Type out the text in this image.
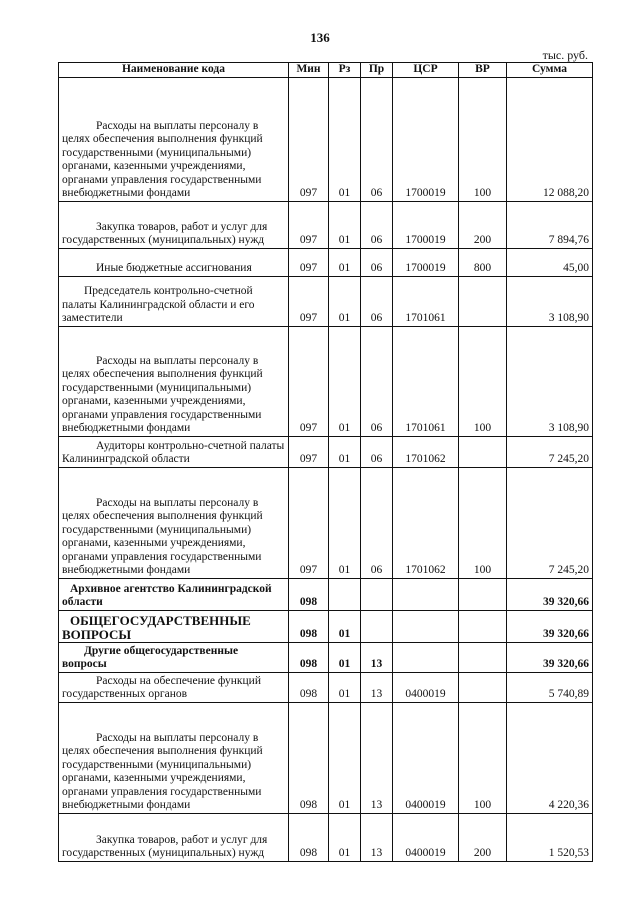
136
тыс. руб.
Наименование кода	Мин	Рз	Пр	ЦСР	ВР	Сумма
Расходы на выплаты персоналу в целях обеспечения выполнения функций государственными (муниципальными) органами, казенными учреждениями, органами управления государственными внебюджетными фондами	097	01	06	1700019	100	12 088,20
Закупка товаров, работ и услуг для государственных (муниципальных) нужд	097	01	06	1700019	200	7 894,76
Иные бюджетные ассигнования	097	01	06	1700019	800	45,00
Председатель контрольно-счетной палаты Калининградской области и его заместители	097	01	06	1701061		3 108,90
Расходы на выплаты персоналу в целях обеспечения выполнения функций государственными (муниципальными) органами, казенными учреждениями, органами управления государственными внебюджетными фондами	097	01	06	1701061	100	3 108,90
Аудиторы контрольно-счетной палаты Калининградской области	097	01	06	1701062		7 245,20
Расходы на выплаты персоналу в целях обеспечения выполнения функций государственными (муниципальными) органами, казенными учреждениями, органами управления государственными внебюджетными фондами	097	01	06	1701062	100	7 245,20
Архивное агентство Калининградской области	098					39 320,66
ОБЩЕГОСУДАРСТВЕННЫЕ ВОПРОСЫ	098	01				39 320,66
Другие общегосударственные вопросы	098	01	13			39 320,66
Расходы на обеспечение функций государственных органов	098	01	13	0400019		5 740,89
Расходы на выплаты персоналу в целях обеспечения выполнения функций государственными (муниципальными) органами, казенными учреждениями, органами управления государственными внебюджетными фондами	098	01	13	0400019	100	4 220,36
Закупка товаров, работ и услуг для государственных (муниципальных) нужд	098	01	13	0400019	200	1 520,53
